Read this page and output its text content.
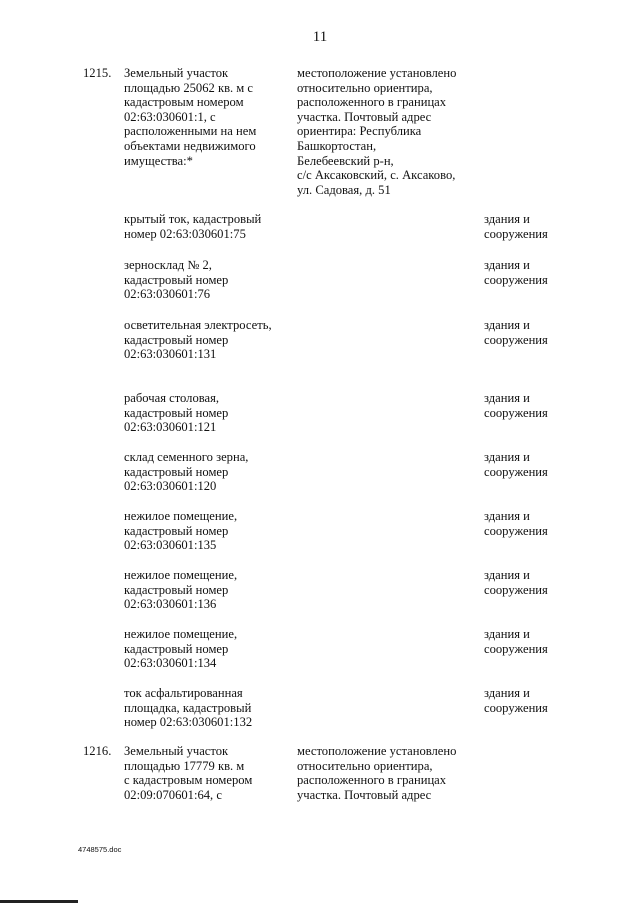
11
1215. Земельный участок
площадью 25062 кв. м с
кадастровым номером
02:63:030601:1, с
расположенными на нем
объектами недвижимого
имущества:*
местоположение установлено
относительно ориентира,
расположенного в границах
участка. Почтовый адрес
ориентира: Республика
Башкортостан,
Белебеевский р-н,
с/с Аксаковский, с. Аксаково,
ул. Садовая, д. 51
крытый ток, кадастровый
номер 02:63:030601:75
здания и
сооружения
зерносклад № 2,
кадастровый номер
02:63:030601:76
здания и
сооружения
осветительная электросеть,
кадастровый номер
02:63:030601:131
здания и
сооружения
рабочая столовая,
кадастровый номер
02:63:030601:121
здания и
сооружения
склад семенного зерна,
кадастровый номер
02:63:030601:120
здания и
сооружения
нежилое помещение,
кадастровый номер
02:63:030601:135
здания и
сооружения
нежилое помещение,
кадастровый номер
02:63:030601:136
здания и
сооружения
нежилое помещение,
кадастровый номер
02:63:030601:134
здания и
сооружения
ток асфальтированная
площадка, кадастровый
номер 02:63:030601:132
здания и
сооружения
1216. Земельный участок
площадью 17779 кв. м
с кадастровым номером
02:09:070601:64, с
местоположение установлено
относительно ориентира,
расположенного в границах
участка. Почтовый адрес
4748575.doc
